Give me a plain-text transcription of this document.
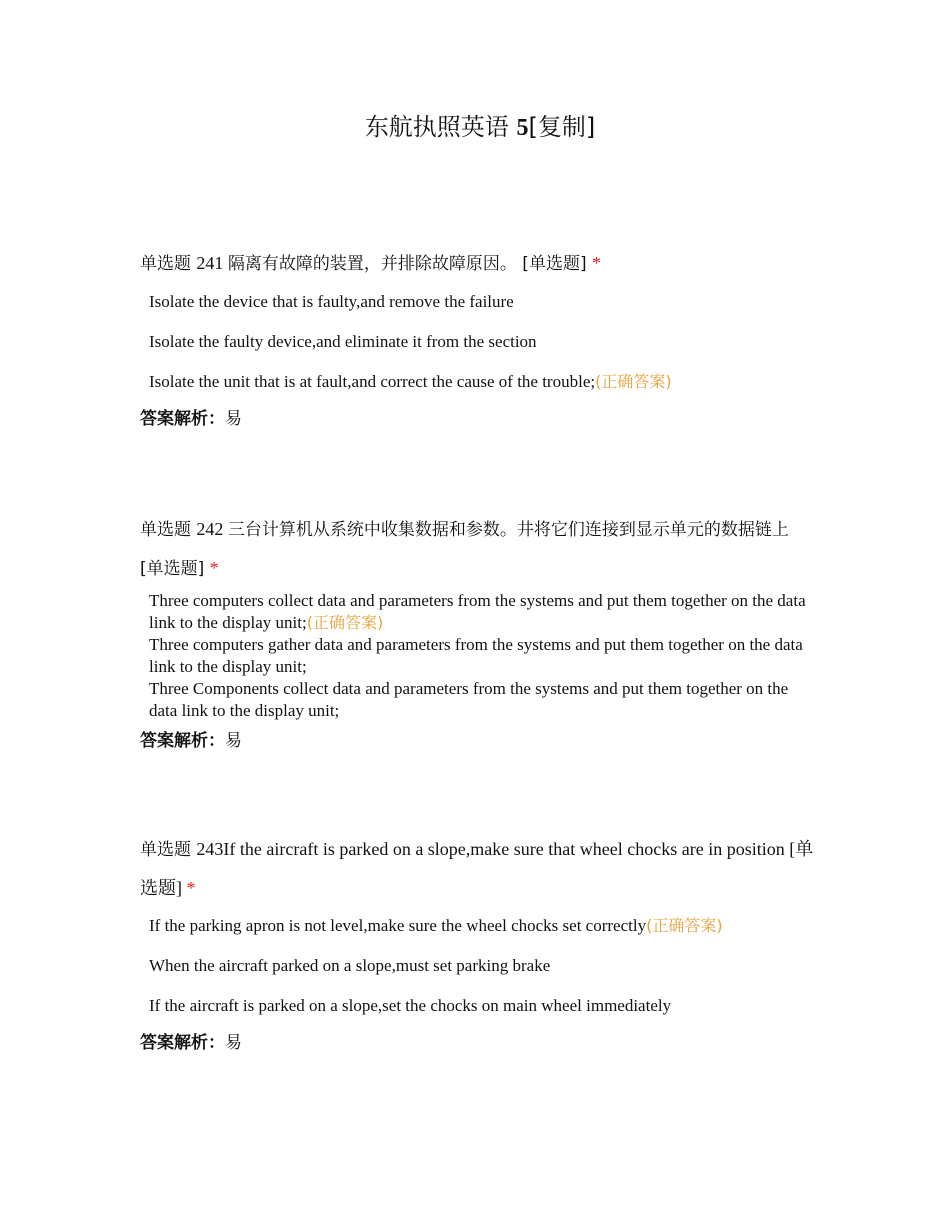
东航执照英语 5[复制]

单选题 241 隔离有故障的装置，并排除故障原因。 [单选题] *

Isolate the device that is faulty,and remove the failure
Isolate the faulty device,and eliminate it from the section
Isolate the unit that is at fault,and correct the cause of the trouble;(正确答案)
答案解析：易

单选题 242 三台计算机从系统中收集数据和参数。井将它们连接到显示单元的数据链上 [单选题] *

Three computers collect data and parameters from the systems and put them together on the data link to the display unit;(正确答案)
Three computers gather data and parameters from the systems and put them together on the data link to the display unit;
Three Components collect data and parameters from the systems and put them together on the data link to the display unit;
答案解析：易

单选题 243If the aircraft is parked on a slope,make sure that wheel chocks are in position [单选题] *

If the parking apron is not level,make sure the wheel chocks set correctly(正确答案)
When the aircraft parked on a slope,must set parking brake
If the aircraft is parked on a slope,set the chocks on main wheel immediately
答案解析：易
